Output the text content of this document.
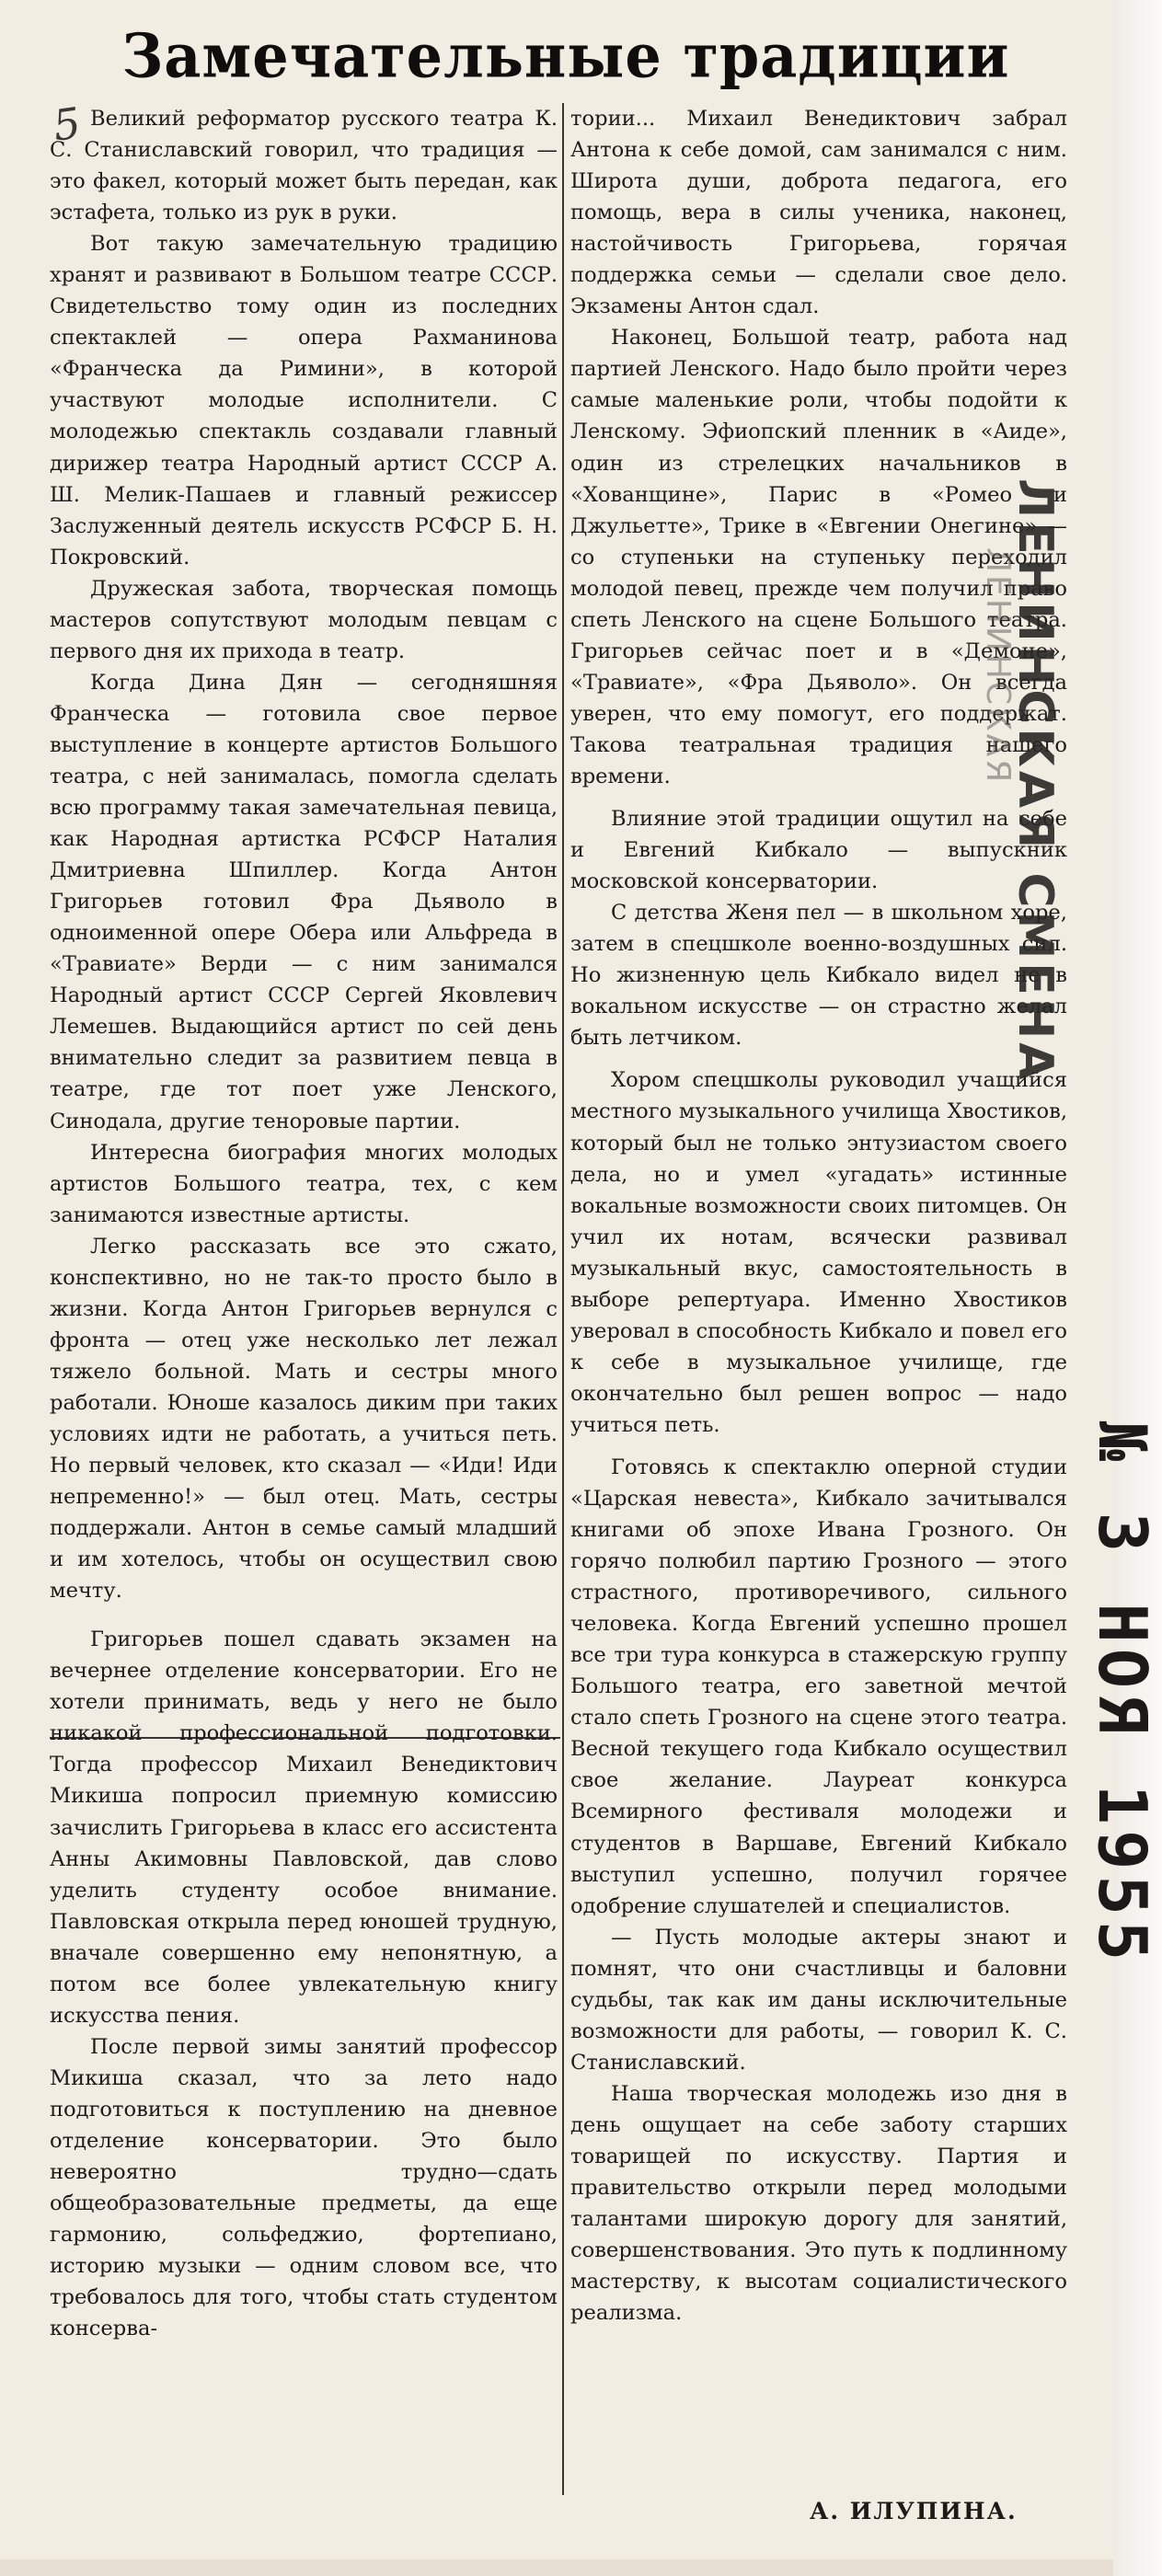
Замечательные традиции
5 Великий реформатор русского театра К. С. Станиславский говорил, что традиция — это факел, который может быть передан, как эстафета, только из рук в руки.

Вот такую замечательную традицию хранят и развивают в Большом театре СССР. Свидетельство тому один из последних спектаклей — опера Рахманинова «Франческа да Римини», в которой участвуют молодые исполнители. С молодежью спектакль создавали главный дирижер театра Народный артист СССР А. Ш. Мелик-Пашаев и главный режиссер Заслуженный деятель искусств РСФСР Б. Н. Покровский.

Дружеская забота, творческая помощь мастеров сопутствуют молодым певцам с первого дня их прихода в театр.

Когда Дина Дян — сегодняшняя Франческа — готовила свое первое выступление в концерте артистов Большого театра, с ней занималась, помогла сделать всю программу такая замечательная певица, как Народная артистка РСФСР Наталия Дмитриевна Шпиллер. Когда Антон Григорьев готовил Фра Дьяволо в одноименной опере Обера или Альфреда в «Травиате» Верди — с ним занимался Народный артист СССР Сергей Яковлевич Лемешев. Выдающийся артист по сей день внимательно следит за развитием певца в театре, где тот поет уже Ленского, Синодала, другие теноровые партии.

Интересна биография многих молодых артистов Большого театра, тех, с кем занимаются известные артисты.

Легко рассказать все это сжато, конспективно, но не так-то просто было в жизни. Когда Антон Григорьев вернулся с фронта — отец уже несколько лет лежал тяжело больной. Мать и сестры много работали. Юноше казалось диким при таких условиях идти не работать, а учиться петь. Но первый человек, кто сказал — «Иди! Иди непременно!» — был отец. Мать, сестры поддержали. Антон в семье самый младший и им хотелось, чтобы он осуществил свою мечту.

Григорьев пошел сдавать экзамен на вечернее отделение консерватории. Его не хотели принимать, ведь у него не было никакой профессиональной подготовки. Тогда профессор Михаил Венедиктович Микиша попросил приемную комиссию зачислить Григорьева в класс его ассистента Анны Акимовны Павловской, дав слово уделить студенту особое внимание. Павловская открыла перед юношей трудную, вначале совершенно ему непонятную, а потом все более увлекательную книгу искусства пения.

После первой зимы занятий профессор Микиша сказал, что за лето надо подготовиться к поступлению на дневное отделение консерватории. Это было невероятно трудно—сдать общеобразовательные предметы, да еще гармонию, сольфеджио, фортепиано, историю музыки — одним словом все, что требовалось для того, чтобы стать студентом консерва-

тории... Михаил Венедиктович забрал Антона к себе домой, сам занимался с ним. Широта души, доброта педагога, его помощь, вера в силы ученика, наконец, настойчивость Григорьева, горячая поддержка семьи — сделали свое дело. Экзамены Антон сдал.

Наконец, Большой театр, работа над партией Ленского. Надо было пройти через самые маленькие роли, чтобы подойти к Ленскому. Эфиопский пленник в «Аиде», один из стрелецких начальников в «Хованщине», Парис в «Ромео и Джульетте», Трике в «Евгении Онегине» — со ступеньки на ступеньку переходил молодой певец, прежде чем получил право спеть Ленского на сцене Большого театра. Григорьев сейчас поет и в «Демоне», «Травиате», «Фра Дьяволо». Он всегда уверен, что ему помогут, его поддержат. Такова театральная традиция нашего времени.

Влияние этой традиции ощутил на себе и Евгений Кибкало — выпускник московской консерватории.

С детства Женя пел — в школьном хоре, затем в спецшколе военно-воздушных сил. Но жизненную цель Кибкало видел не в вокальном искусстве — он страстно желал быть летчиком.

Хором спецшколы руководил учащийся местного музыкального училища Хвостиков, который был не только энтузиастом своего дела, но и умел «угадать» истинные вокальные возможности своих питомцев. Он учил их нотам, всячески развивал музыкальный вкус, самостоятельность в выборе репертуара. Именно Хвостиков уверовал в способность Кибкало и повел его к себе в музыкальное училище, где окончательно был решен вопрос — надо учиться петь.

Готовясь к спектаклю оперной студии «Царская невеста», Кибкало зачитывался книгами об эпохе Ивана Грозного. Он горячо полюбил партию Грозного — этого страстного, противоречивого, сильного человека. Когда Евгений успешно прошел все три тура конкурса в стажерскую группу Большого театра, его заветной мечтой стало спеть Грозного на сцене этого театра. Весной текущего года Кибкало осуществил свое желание. Лауреат конкурса Всемирного фестиваля молодежи и студентов в Варшаве, Евгений Кибкало выступил успешно, получил горячее одобрение слушателей и специалистов.

— Пусть молодые актеры знают и помнят, что они счастливцы и баловни судьбы, так как им даны исключительные возможности для работы, — говорил К. С. Станиславский.

Наша творческая молодежь изо дня в день ощущает на себе заботу старших товарищей по искусству. Партия и правительство открыли перед молодыми талантами широкую дорогу для занятий, совершенствования. Это путь к подлинному мастерству, к высотам социалистического реализма.

А. ИЛУПИНА.

ЛЕНИНСКАЯ СМЕНА
ЛЕНИНСКАЯ
№ 3 НОЯ 1955
